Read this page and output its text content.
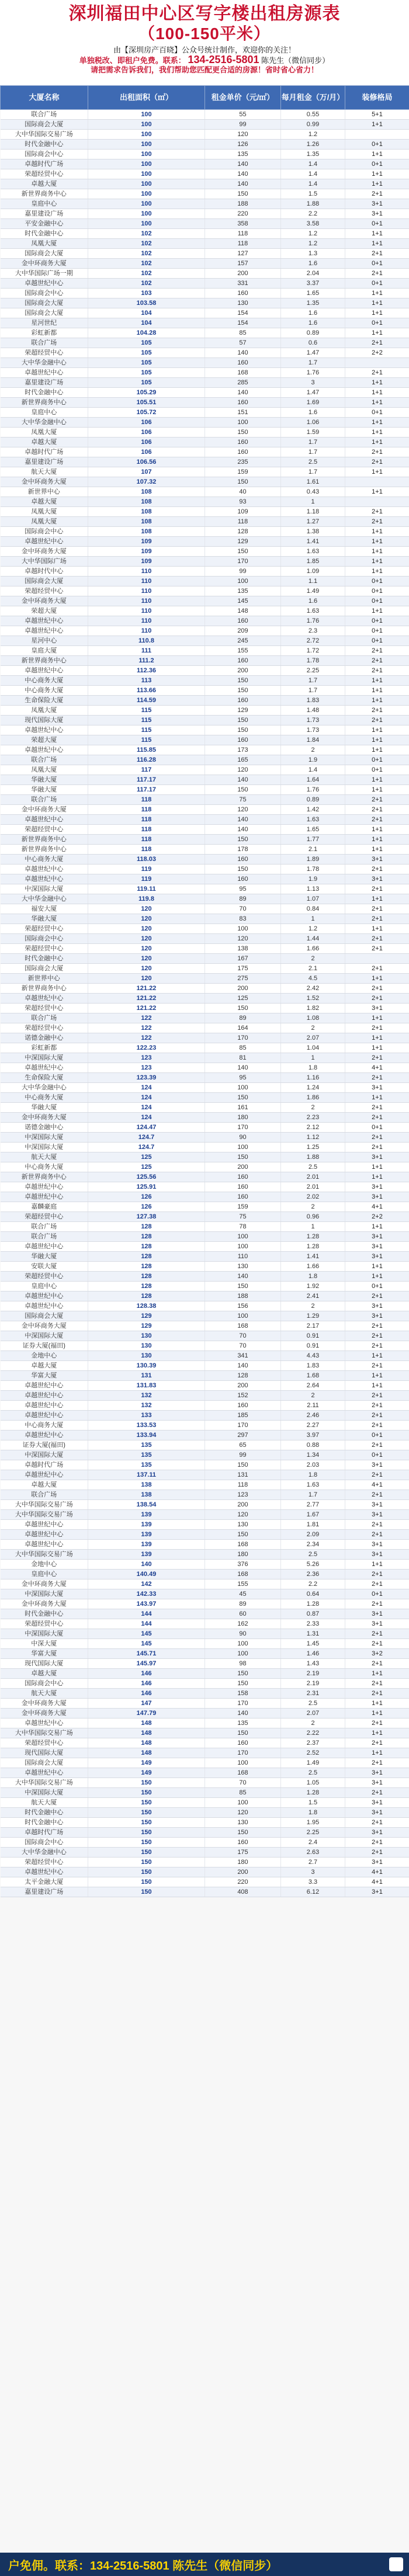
深圳福田中心区写字楼出租房源表
（100-150平米）
由【深圳房产百晓】公众号统计制作，欢迎你的关注！
单独税改、即租户免费。联系： 134-2516-5801 陈先生（微信同步）
请把需求告诉我们，我们帮助您匹配更合适的房源！省时省心省力！
大厦名称	出租面积（㎡）	租金单价（元/㎡）	每月租金（万/月）	装修格局
联合广场	100	55	0.55	5+1
国际商会大厦	100	99	0.99	1+1
大中华国际交易广场	100	120	1.2	
时代金融中心	100	126	1.26	0+1
国际商会中心	100	135	1.35	1+1
卓越时代广场	100	140	1.4	0+1
荣超经贸中心	100	140	1.4	1+1
卓越大厦	100	140	1.4	1+1
新世界商务中心	100	150	1.5	2+1
皇庭中心	100	188	1.88	3+1
嘉里建设广场	100	220	2.2	3+1
平安金融中心	100	358	3.58	0+1
时代金融中心	102	118	1.2	1+1
凤凰大厦	102	118	1.2	1+1
国际商会大厦	102	127	1.3	2+1
金中环商务大厦	102	157	1.6	0+1
大中华国际广场一期	102	200	2.04	2+1
卓越世纪中心	102	331	3.37	0+1
国际商会中心	103	160	1.65	1+1
国际商会大厦	103.58	130	1.35	1+1
国际商会大厦	104	154	1.6	1+1
星河世纪	104	154	1.6	0+1
彩虹新都	104.28	85	0.89	1+1
联合广场	105	57	0.6	2+1
荣超经贸中心	105	140	1.47	2+2
大中华金融中心	105	160	1.7	
卓越世纪中心	105	168	1.76	2+1
嘉里建设广场	105	285	3	1+1
时代金融中心	105.29	140	1.47	1+1
新世界商务中心	105.51	160	1.69	1+1
皇庭中心	105.72	151	1.6	0+1
大中华金融中心	106	100	1.06	1+1
凤凰大厦	106	150	1.59	1+1
卓越大厦	106	160	1.7	1+1
卓越时代广场	106	160	1.7	2+1
嘉里建设广场	106.56	235	2.5	2+1
航天大厦	107	159	1.7	1+1
金中环商务大厦	107.32	150	1.61	
新世界中心	108	40	0.43	1+1
卓越大厦	108	93	1	
凤凰大厦	108	109	1.18	2+1
凤凰大厦	108	118	1.27	2+1
国际商会中心	108	128	1.38	1+1
卓越世纪中心	109	129	1.41	1+1
金中环商务大厦	109	150	1.63	1+1
大中华国际广场	109	170	1.85	1+1
卓越时代中心	110	99	1.09	1+1
国际商会大厦	110	100	1.1	0+1
荣超经贸中心	110	135	1.49	0+1
金中环商务大厦	110	145	1.6	0+1
荣超大厦	110	148	1.63	1+1
卓越世纪中心	110	160	1.76	0+1
卓越世纪中心	110	209	2.3	0+1
星河中心	110.8	245	2.72	0+1
皇庭大厦	111	155	1.72	2+1
新世界商务中心	111.2	160	1.78	2+1
卓越世纪中心	112.36	200	2.25	2+1
中心商务大厦	113	150	1.7	1+1
中心商务大厦	113.66	150	1.7	1+1
生命保险大厦	114.59	160	1.83	1+1
凤凰大厦	115	129	1.48	2+1
现代国际大厦	115	150	1.73	2+1
卓越世纪中心	115	150	1.73	1+1
荣超大厦	115	160	1.84	1+1
卓越世纪中心	115.85	173	2	1+1
联合广场	116.28	165	1.9	0+1
凤凰大厦	117	120	1.4	0+1
华融大厦	117.17	140	1.64	1+1
华融大厦	117.17	150	1.76	1+1
联合广场	118	75	0.89	2+1
金中环商务大厦	118	120	1.42	2+1
卓越世纪中心	118	140	1.63	2+1
荣超经贸中心	118	140	1.65	1+1
新世界商务中心	118	150	1.77	1+1
新世界商务中心	118	178	2.1	1+1
中心商务大厦	118.03	160	1.89	3+1
卓越世纪中心	119	150	1.78	2+1
卓越世纪中心	119	160	1.9	3+1
中深国际大厦	119.11	95	1.13	2+1
大中华金融中心	119.8	89	1.07	1+1
福安大厦	120	70	0.84	2+1
华融大厦	120	83	1	2+1
荣超经贸中心	120	100	1.2	1+1
国际商会中心	120	120	1.44	2+1
荣超经贸中心	120	138	1.66	2+1
时代金融中心	120	167	2	
国际商会大厦	120	175	2.1	2+1
新世界中心	120	275	4.5	1+1
新世界商务中心	121.22	200	2.42	2+1
卓越世纪中心	121.22	125	1.52	2+1
荣超经贸中心	121.22	150	1.82	3+1
联合广场	122	89	1.08	1+1
荣超经贸中心	122	164	2	2+1
诺德金融中心	122	170	2.07	1+1
彩虹新都	122.23	85	1.04	1+1
中深国际大厦	123	81	1	2+1
卓越世纪中心	123	140	1.8	4+1
生命保险大厦	123.39	95	1.16	2+1
大中华金融中心	124	100	1.24	3+1
中心商务大厦	124	150	1.86	1+1
华融大厦	124	161	2	2+1
金中环商务大厦	124	180	2.23	2+1
诺德金融中心	124.47	170	2.12	0+1
中深国际大厦	124.7	90	1.12	2+1
中深国际大厦	124.7	100	1.25	2+1
航天大厦	125	150	1.88	3+1
中心商务大厦	125	200	2.5	1+1
新世界商务中心	125.56	160	2.01	1+1
卓越世纪中心	125.91	160	2.01	3+1
卓越世纪中心	126	160	2.02	3+1
嘉麟豪庭	126	159	2	4+1
荣超经贸中心	127.38	75	0.96	2+2
联合广场	128	78	1	1+1
联合广场	128	100	1.28	3+1
卓越世纪中心	128	100	1.28	3+1
华融大厦	128	110	1.41	3+1
安联大厦	128	130	1.66	1+1
荣超经贸中心	128	140	1.8	1+1
皇庭中心	128	150	1.92	0+1
卓越世纪中心	128	188	2.41	2+1
卓越世纪中心	128.38	156	2	3+1
国际商会大厦	129	100	1.29	3+1
金中环商务大厦	129	168	2.17	2+1
中深国际大厦	130	70	0.91	2+1
证券大厦(福田)	130	70	0.91	2+1
金地中心	130	341	4.43	1+1
卓越大厦	130.39	140	1.83	2+1
华富大厦	131	128	1.68	1+1
卓越世纪中心	131.83	200	2.64	1+1
卓越世纪中心	132	152	2	2+1
卓越世纪中心	132	160	2.11	2+1
卓越世纪中心	133	185	2.46	2+1
中心商务大厦	133.53	170	2.27	2+1
卓越世纪中心	133.94	297	3.97	0+1
证券大厦(福田)	135	65	0.88	2+1
中深国际大厦	135	99	1.34	0+1
卓越时代广场	135	150	2.03	3+1
卓越世纪中心	137.11	131	1.8	2+1
卓越大厦	138	118	1.63	4+1
联合广场	138	123	1.7	2+1
大中华国际交易广场	138.54	200	2.77	3+1
大中华国际交易广场	139	120	1.67	3+1
卓越世纪中心	139	130	1.81	2+1
卓越世纪中心	139	150	2.09	2+1
卓越世纪中心	139	168	2.34	3+1
大中华国际交易广场	139	180	2.5	3+1
金地中心	140	376	5.26	1+1
皇庭中心	140.49	168	2.36	2+1
金中环商务大厦	142	155	2.2	2+1
中深国际大厦	142.33	45	0.64	0+1
金中环商务大厦	143.97	89	1.28	2+1
时代金融中心	144	60	0.87	3+1
荣超经贸中心	144	162	2.33	3+1
中深国际大厦	145	90	1.31	2+1
中深大厦	145	100	1.45	2+1
华富大厦	145.71	100	1.46	3+2
现代国际大厦	145.97	98	1.43	2+1
卓越大厦	146	150	2.19	1+1
国际商会中心	146	150	2.19	2+1
航天大厦	146	158	2.31	2+1
金中环商务大厦	147	170	2.5	1+1
金中环商务大厦	147.79	140	2.07	1+1
卓越世纪中心	148	135	2	2+1
大中华国际交易广场	148	150	2.22	1+1
荣超经贸中心	148	160	2.37	2+1
现代国际大厦	148	170	2.52	1+1
国际商会大厦	149	100	1.49	2+1
卓越世纪中心	149	168	2.5	3+1
大中华国际交易广场	150	70	1.05	3+1
中深国际大厦	150	85	1.28	2+1
航天大厦	150	100	1.5	3+1
时代金融中心	150	120	1.8	3+1
时代金融中心	150	130	1.95	2+1
卓越时代广场	150	150	2.25	3+1
国际商会中心	150	160	2.4	2+1
大中华金融中心	150	175	2.63	2+1
荣超经贸中心	150	180	2.7	3+1
卓越世纪中心	150	200	3	4+1
太平金融大厦	150	220	3.3	4+1
嘉里建设广场	150	408	6.12	3+1
户免佣。联系：134-2516-5801 陈先生（微信同步）
